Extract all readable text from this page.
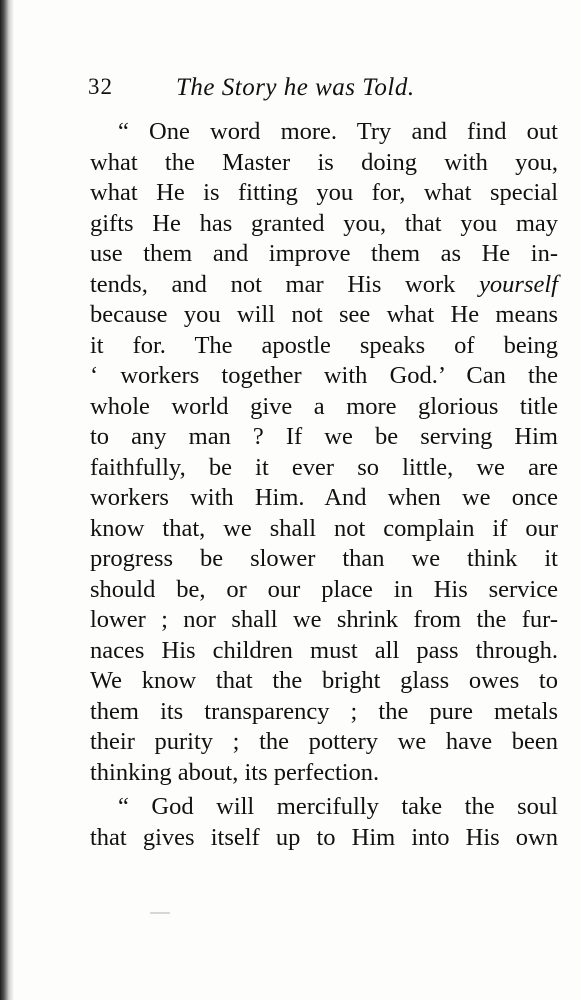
32	The Story he was Told.
“ One word more. Try and find out
what the Master is doing with you,
what He is fitting you for, what special
gifts He has granted you, that you may
use them and improve them as He in-
tends, and not mar His work yourself
because you will not see what He means
it for. The apostle speaks of being
‘ workers together with God.’ Can the
whole world give a more glorious title
to any man ? If we be serving Him
faithfully, be it ever so little, we are
workers with Him. And when we once
know that, we shall not complain if our
progress be slower than we think it
should be, or our place in His service
lower ; nor shall we shrink from the fur-
naces His children must all pass through.
We know that the bright glass owes to
them its transparency ; the pure metals
their purity ; the pottery we have been
thinking about, its perfection.
“ God will mercifully take the soul
that gives itself up to Him into His own
